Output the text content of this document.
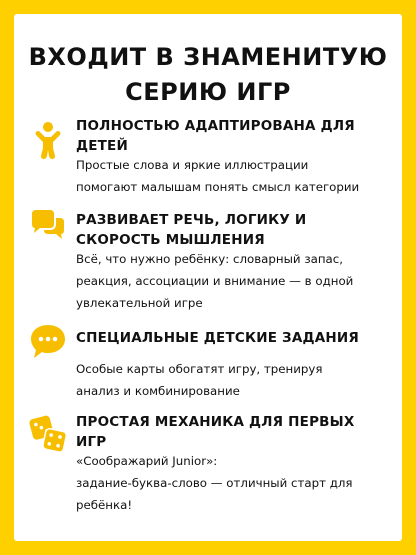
ВХОДИТ В ЗНАМЕНИТУЮ
СЕРИЮ ИГР
ПОЛНОСТЬЮ АДАПТИРОВАНА ДЛЯ
ДЕТЕЙ
Простые слова и яркие иллюстрации
помогают малышам понять смысл категории
РАЗВИВАЕТ РЕЧЬ, ЛОГИКУ И
СКОРОСТЬ МЫШЛЕНИЯ
Всё, что нужно ребёнку: словарный запас,
реакция, ассоциации и внимание — в одной
увлекательной игре
СПЕЦИАЛЬНЫЕ ДЕТСКИЕ ЗАДАНИЯ
Особые карты обогатят игру, тренируя
анализ и комбинирование
ПРОСТАЯ МЕХАНИКА ДЛЯ ПЕРВЫХ
ИГР
«Соображарий Junior»:
задание-буква-слово — отличный старт для
ребёнка!
